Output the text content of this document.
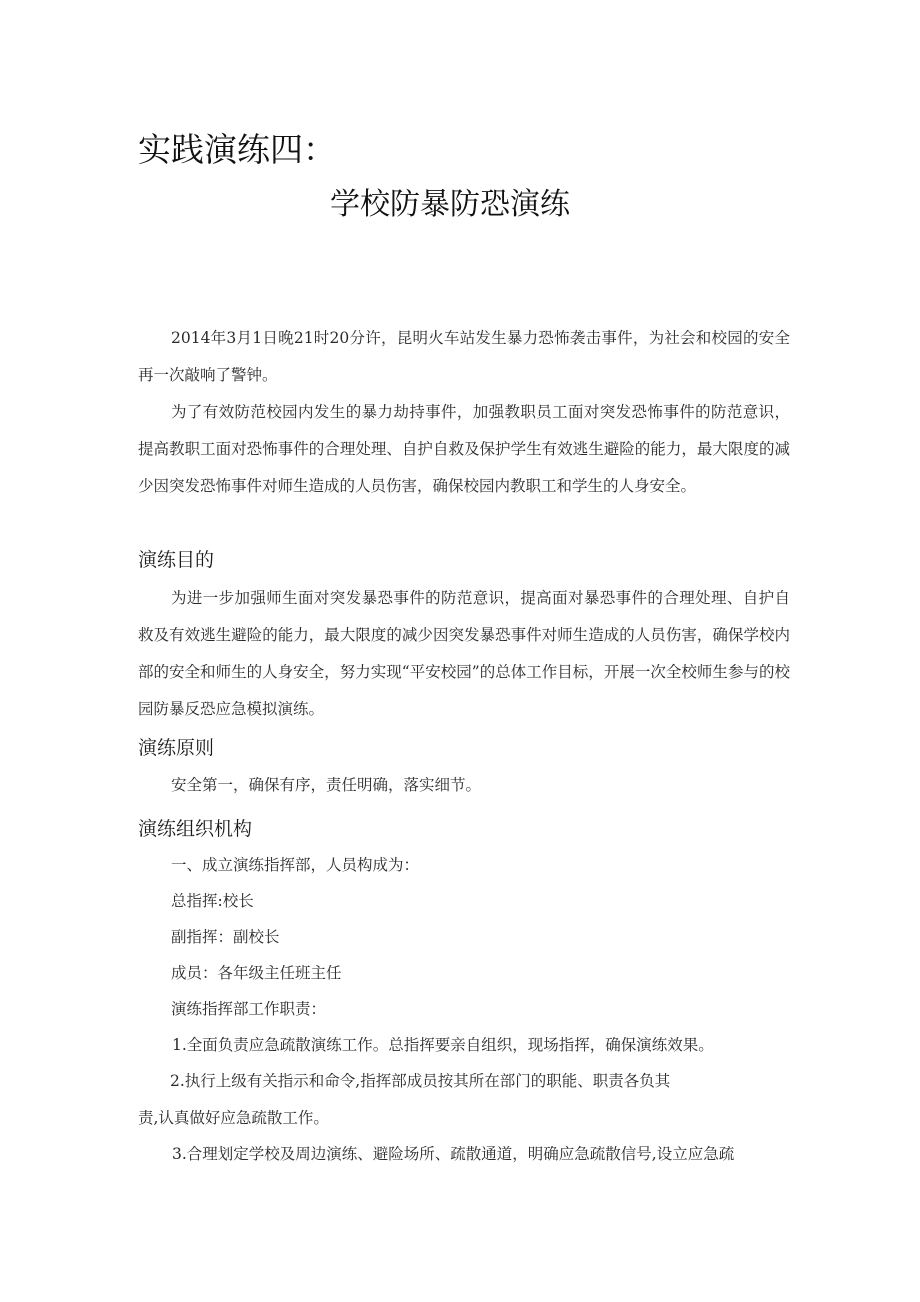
实践演练四：
学校防暴防恐演练
2014年3月1日晚21时20分许，昆明火车站发生暴力恐怖袭击事件，为社会和校园的安全再一次敲响了警钟。
为了有效防范校园内发生的暴力劫持事件，加强教职员工面对突发恐怖事件的防范意识，提高教职工面对恐怖事件的合理处理、自护自救及保护学生有效逃生避险的能力，最大限度的减少因突发恐怖事件对师生造成的人员伤害，确保校园内教职工和学生的人身安全。
演练目的
为进一步加强师生面对突发暴恐事件的防范意识，提高面对暴恐事件的合理处理、自护自救及有效逃生避险的能力，最大限度的减少因突发暴恐事件对师生造成的人员伤害，确保学校内部的安全和师生的人身安全，努力实现“平安校园”的总体工作目标，开展一次全校师生参与的校园防暴反恐应急模拟演练。
演练原则
安全第一，确保有序，责任明确，落实细节。
演练组织机构
一、成立演练指挥部，人员构成为：
总指挥:校长
副指挥：副校长
成员：各年级主任班主任
演练指挥部工作职责：
1.全面负责应急疏散演练工作。总指挥要亲自组织，现场指挥，确保演练效果。
2.执行上级有关指示和命令,指挥部成员按其所在部门的职能、职责各负其
责,认真做好应急疏散工作。
3.合理划定学校及周边演练、避险场所、疏散通道，明确应急疏散信号,设立应急疏
